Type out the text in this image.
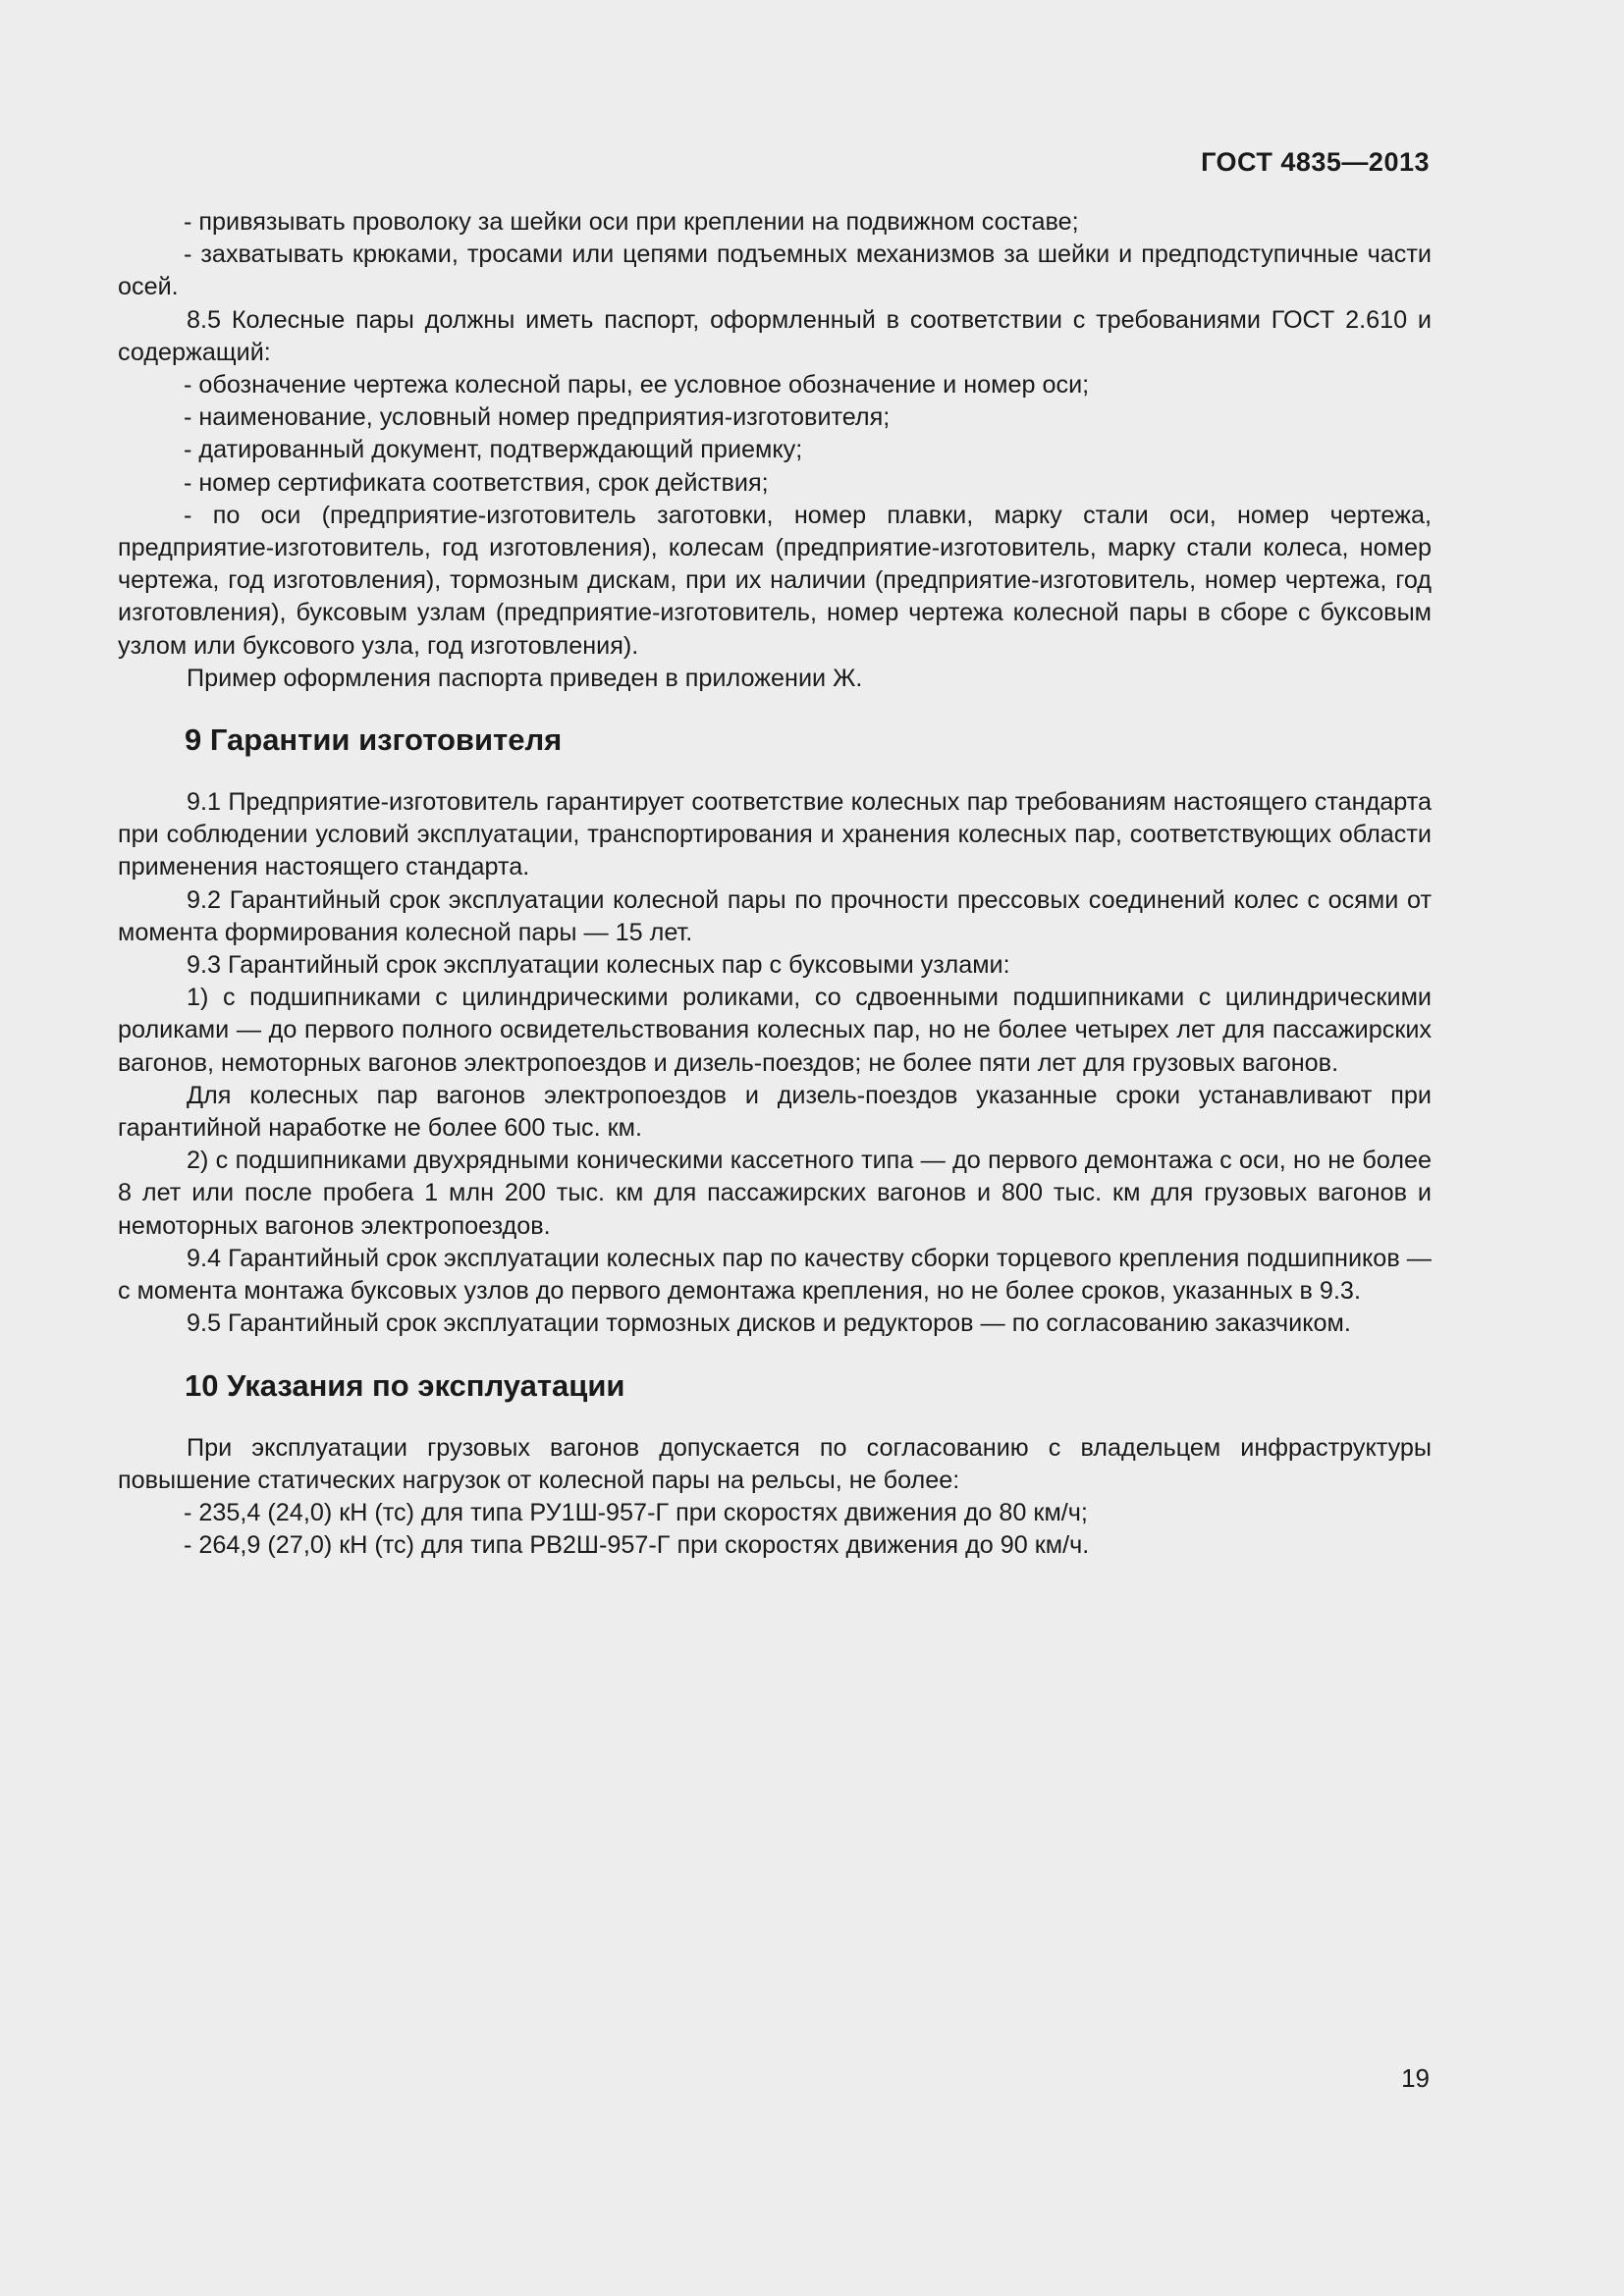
ГОСТ 4835—2013

- привязывать проволоку за шейки оси при креплении на подвижном составе;

- захватывать крюками, тросами или цепями подъемных механизмов за шейки и предподступичные части осей.

8.5 Колесные пары должны иметь паспорт, оформленный в соответствии с требованиями ГОСТ 2.610 и содержащий:

- обозначение чертежа колесной пары, ее условное обозначение и номер оси;

- наименование, условный номер предприятия-изготовителя;

- датированный документ, подтверждающий приемку;

- номер сертификата соответствия, срок действия;

- по оси (предприятие-изготовитель заготовки, номер плавки, марку стали оси, номер чертежа, предприятие-изготовитель, год изготовления), колесам (предприятие-изготовитель, марку стали колеса, номер чертежа, год изготовления), тормозным дискам, при их наличии (предприятие-изготовитель, номер чертежа, год изготовления), буксовым узлам (предприятие-изготовитель, номер чертежа колесной пары в сборе с буксовым узлом или буксового узла, год изготовления).

Пример оформления паспорта приведен в приложении Ж.

9 Гарантии изготовителя

9.1 Предприятие-изготовитель гарантирует соответствие колесных пар требованиям настоящего стандарта при соблюдении условий эксплуатации, транспортирования и хранения колесных пар, соответствующих области применения настоящего стандарта.

9.2 Гарантийный срок эксплуатации колесной пары по прочности прессовых соединений колес с осями от момента формирования колесной пары — 15 лет.

9.3 Гарантийный срок эксплуатации колесных пар с буксовыми узлами:

1) с подшипниками с цилиндрическими роликами, со сдвоенными подшипниками с цилиндрическими роликами — до первого полного освидетельствования колесных пар, но не более четырех лет для пассажирских вагонов, немоторных вагонов электропоездов и дизель-поездов; не более пяти лет для грузовых вагонов.

Для колесных пар вагонов электропоездов и дизель-поездов указанные сроки устанавливают при гарантийной наработке не более 600 тыс. км.

2) с подшипниками двухрядными коническими кассетного типа — до первого демонтажа с оси, но не более 8 лет или после пробега 1 млн 200 тыс. км для пассажирских вагонов и 800 тыс. км для грузовых вагонов и немоторных вагонов электропоездов.

9.4 Гарантийный срок эксплуатации колесных пар по качеству сборки торцевого крепления подшипников — с момента монтажа буксовых узлов до первого демонтажа крепления, но не более сроков, указанных в 9.3.

9.5 Гарантийный срок эксплуатации тормозных дисков и редукторов — по согласованию заказчиком.

10 Указания по эксплуатации

При эксплуатации грузовых вагонов допускается по согласованию с владельцем инфраструктуры повышение статических нагрузок от колесной пары на рельсы, не более:

- 235,4 (24,0) кН (тс) для типа РУ1Ш-957-Г при скоростях движения до 80 км/ч;

- 264,9 (27,0) кН (тс) для типа РВ2Ш-957-Г при скоростях движения до 90 км/ч.

19
